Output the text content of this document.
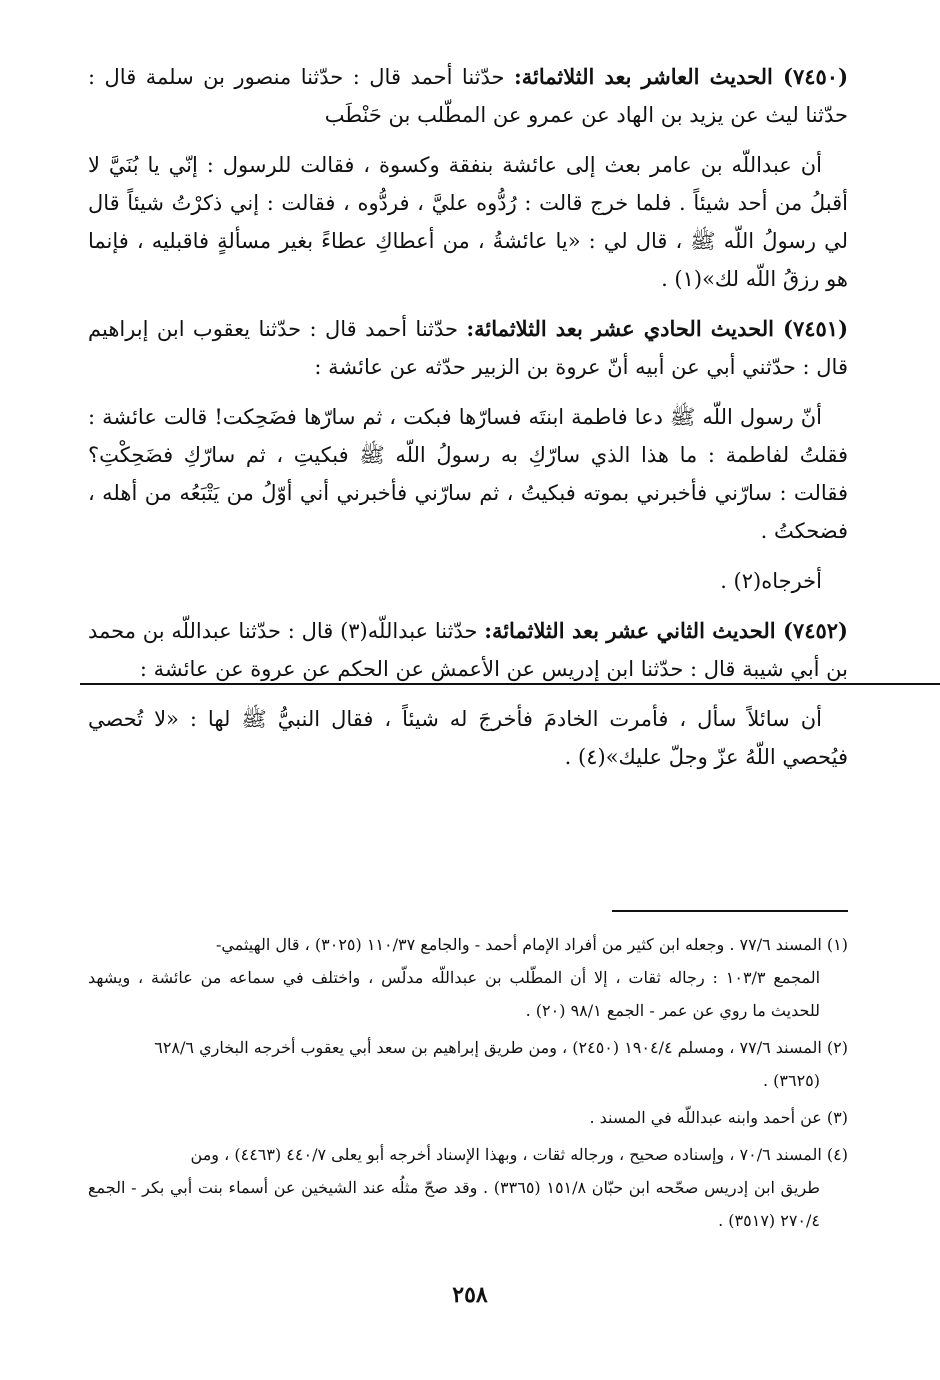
(٧٤٥٠) الحديث العاشر بعد الثلاثمائة: حدّثنا أحمد قال : حدّثنا منصور بن سلمة قال : حدّثنا ليث عن يزيد بن الهاد عن عمرو عن المطّلب بن حَنْطَب

أن عبداللّه بن عامر بعث إلى عائشة بنفقة وكسوة ، فقالت للرسول : إنّي يا بُنَيَّ لا أقبلُ من أحد شيئاً . فلما خرج قالت : رُدُّوه عليَّ ، فردُّوه ، فقالت : إني ذكرْتُ شيئاً قال لي رسولُ اللّه ﷺ ، قال لي : «يا عائشةُ ، من أعطاكِ عطاءً بغير مسألةٍ فاقبليه ، فإنما هو رزقُ اللّه لك»(١) .

(٧٤٥١) الحديث الحادي عشر بعد الثلاثمائة: حدّثنا أحمد قال : حدّثنا يعقوب ابن إبراهيم قال : حدّثني أبي عن أبيه أنّ عروة بن الزبير حدّثه عن عائشة :

أنّ رسول اللّه ﷺ دعا فاطمة ابنتَه فسارّها فبكت ، ثم سارّها فضَحِكت! قالت عائشة : فقلتُ لفاطمة : ما هذا الذي سارّكِ به رسولُ اللّه ﷺ فبكيتِ ، ثم سارّكِ فضَحِكْتِ؟ فقالت : سارّني فأخبرني بموته فبكيتُ ، ثم سارّني فأخبرني أني أوّلُ من يَتْبَعُه من أهله ، فضحكتُ .

أخرجاه(٢) .

(٧٤٥٢) الحديث الثاني عشر بعد الثلاثمائة: حدّثنا عبداللّه(٣) قال : حدّثنا عبداللّه بن محمد بن أبي شيبة قال : حدّثنا ابن إدريس عن الأعمش عن الحكم عن عروة عن عائشة :

أن سائلاً سأل ، فأمرت الخادمَ فأخرجَ له شيئاً ، فقال النبيُّ ﷺ لها : «لا تُحصي فيُحصي اللّهُ عزّ وجلّ عليك»(٤) .

(١) المسند ٧٧/٦ . وجعله ابن كثير من أفراد الإمام أحمد - والجامع ١١٠/٣٧ (٣٠٢٥) ، قال الهيثمي-
المجمع ١٠٣/٣ : رجاله ثقات ، إلا أن المطّلب بن عبداللّه مدلّس ، واختلف في سماعه من عائشة ، ويشهد للحديث ما روي عن عمر - الجمع ٩٨/١ (٢٠) .
(٢) المسند ٧٧/٦ ، ومسلم ١٩٠٤/٤ (٢٤٥٠) ، ومن طريق إبراهيم بن سعد أبي يعقوب أخرجه البخاري ٦٢٨/٦
(٣٦٢٥) .
(٣) عن أحمد وابنه عبداللّه في المسند .
(٤) المسند ٧٠/٦ ، وإسناده صحيح ، ورجاله ثقات ، وبهذا الإسناد أخرجه أبو يعلى ٤٤٠/٧ (٤٤٦٣) ، ومن
طريق ابن إدريس صحّحه ابن حبّان ١٥١/٨ (٣٣٦٥) . وقد صحّ مثلُه عند الشيخين عن أسماء بنت أبي بكر - الجمع ٢٧٠/٤ (٣٥١٧) .
٢٥٨
